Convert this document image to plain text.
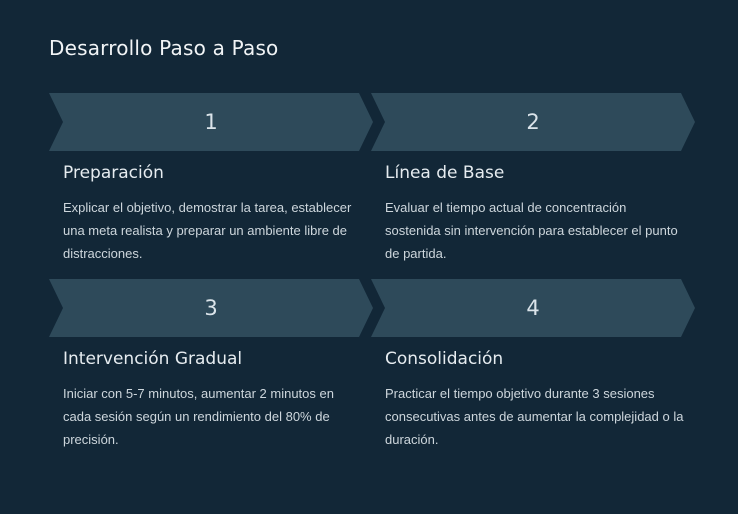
Desarrollo Paso a Paso
1
Preparación
Explicar el objetivo, demostrar la tarea, establecer una meta realista y preparar un ambiente libre de distracciones.
2
Línea de Base
Evaluar el tiempo actual de concentración sostenida sin intervención para establecer el punto de partida.
3
Intervención Gradual
Iniciar con 5-7 minutos, aumentar 2 minutos en cada sesión según un rendimiento del 80% de precisión.
4
Consolidación
Practicar el tiempo objetivo durante 3 sesiones consecutivas antes de aumentar la complejidad o la duración.
